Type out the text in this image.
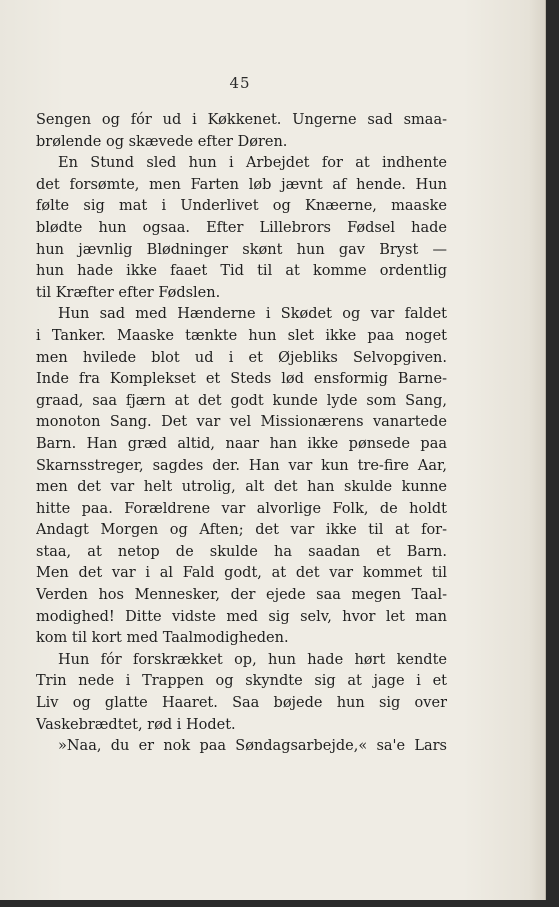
45
Sengen og fór ud i Køkkenet. Ungerne sad smaa-
brølende og skævede efter Døren.
En Stund sled hun i Arbejdet for at indhente
det forsømte, men Farten løb jævnt af hende. Hun
følte sig mat i Underlivet og Knæerne, maaske
blødte hun ogsaa. Efter Lillebrors Fødsel hade
hun jævnlig Blødninger skønt hun gav Bryst —
hun hade ikke faaet Tid til at komme ordentlig
til Kræfter efter Fødslen.
Hun sad med Hænderne i Skødet og var faldet
i Tanker. Maaske tænkte hun slet ikke paa noget
men hvilede blot ud i et Øjebliks Selvopgiven.
Inde fra Komplekset et Steds lød ensformig Barne-
graad, saa fjærn at det godt kunde lyde som Sang,
monoton Sang. Det var vel Missionærens vanartede
Barn. Han græd altid, naar han ikke pønsede paa
Skarnsstreger, sagdes der. Han var kun tre-fire Aar,
men det var helt utrolig, alt det han skulde kunne
hitte paa. Forældrene var alvorlige Folk, de holdt
Andagt Morgen og Aften; det var ikke til at for-
staa, at netop de skulde ha saadan et Barn.
Men det var i al Fald godt, at det var kommet til
Verden hos Mennesker, der ejede saa megen Taal-
modighed! Ditte vidste med sig selv, hvor let man
kom til kort med Taalmodigheden.
Hun fór forskrækket op, hun hade hørt kendte
Trin nede i Trappen og skyndte sig at jage i et
Liv og glatte Haaret. Saa bøjede hun sig over
Vaskebrædtet, rød i Hodet.
»Naa, du er nok paa Søndagsarbejde,« sa'e Lars
